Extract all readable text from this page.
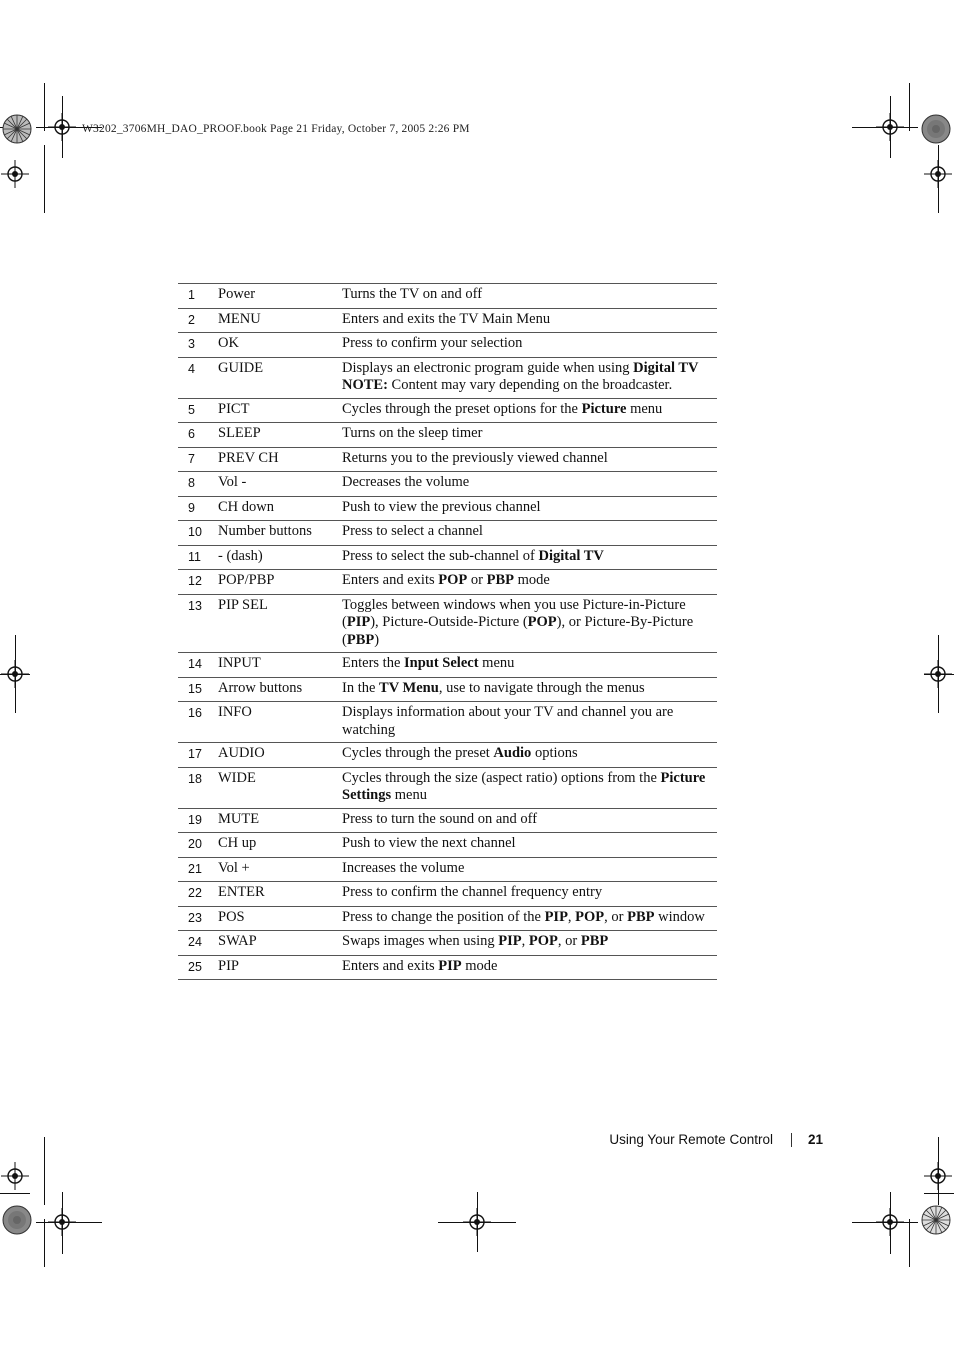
W3202_3706MH_DAO_PROOF.book Page 21 Friday, October 7, 2005 2:26 PM
1	Power	Turns the TV on and off
2	MENU	Enters and exits the TV Main Menu
3	OK	Press to confirm your selection
4	GUIDE	Displays an electronic program guide when using Digital TV
NOTE: Content may vary depending on the broadcaster.
5	PICT	Cycles through the preset options for the Picture menu
6	SLEEP	Turns on the sleep timer
7	PREV CH	Returns you to the previously viewed channel
8	Vol -	Decreases the volume
9	CH down	Push to view the previous channel
10	Number buttons	Press to select a channel
11	- (dash)	Press to select the sub-channel of Digital TV
12	POP/PBP	Enters and exits POP or PBP mode
13	PIP SEL	Toggles between windows when you use Picture-in-Picture (PIP), Picture-Outside-Picture (POP), or Picture-By-Picture (PBP)
14	INPUT	Enters the Input Select menu
15	Arrow buttons	In the TV Menu, use to navigate through the menus
16	INFO	Displays information about your TV and channel you are watching
17	AUDIO	Cycles through the preset Audio options
18	WIDE	Cycles through the size (aspect ratio) options from the Picture Settings menu
19	MUTE	Press to turn the sound on and off
20	CH up	Push to view the next channel
21	Vol +	Increases the volume
22	ENTER	Press to confirm the channel frequency entry
23	POS	Press to change the position of the PIP, POP, or PBP window
24	SWAP	Swaps images when using PIP, POP, or PBP
25	PIP	Enters and exits PIP mode
Using Your Remote Control	21
